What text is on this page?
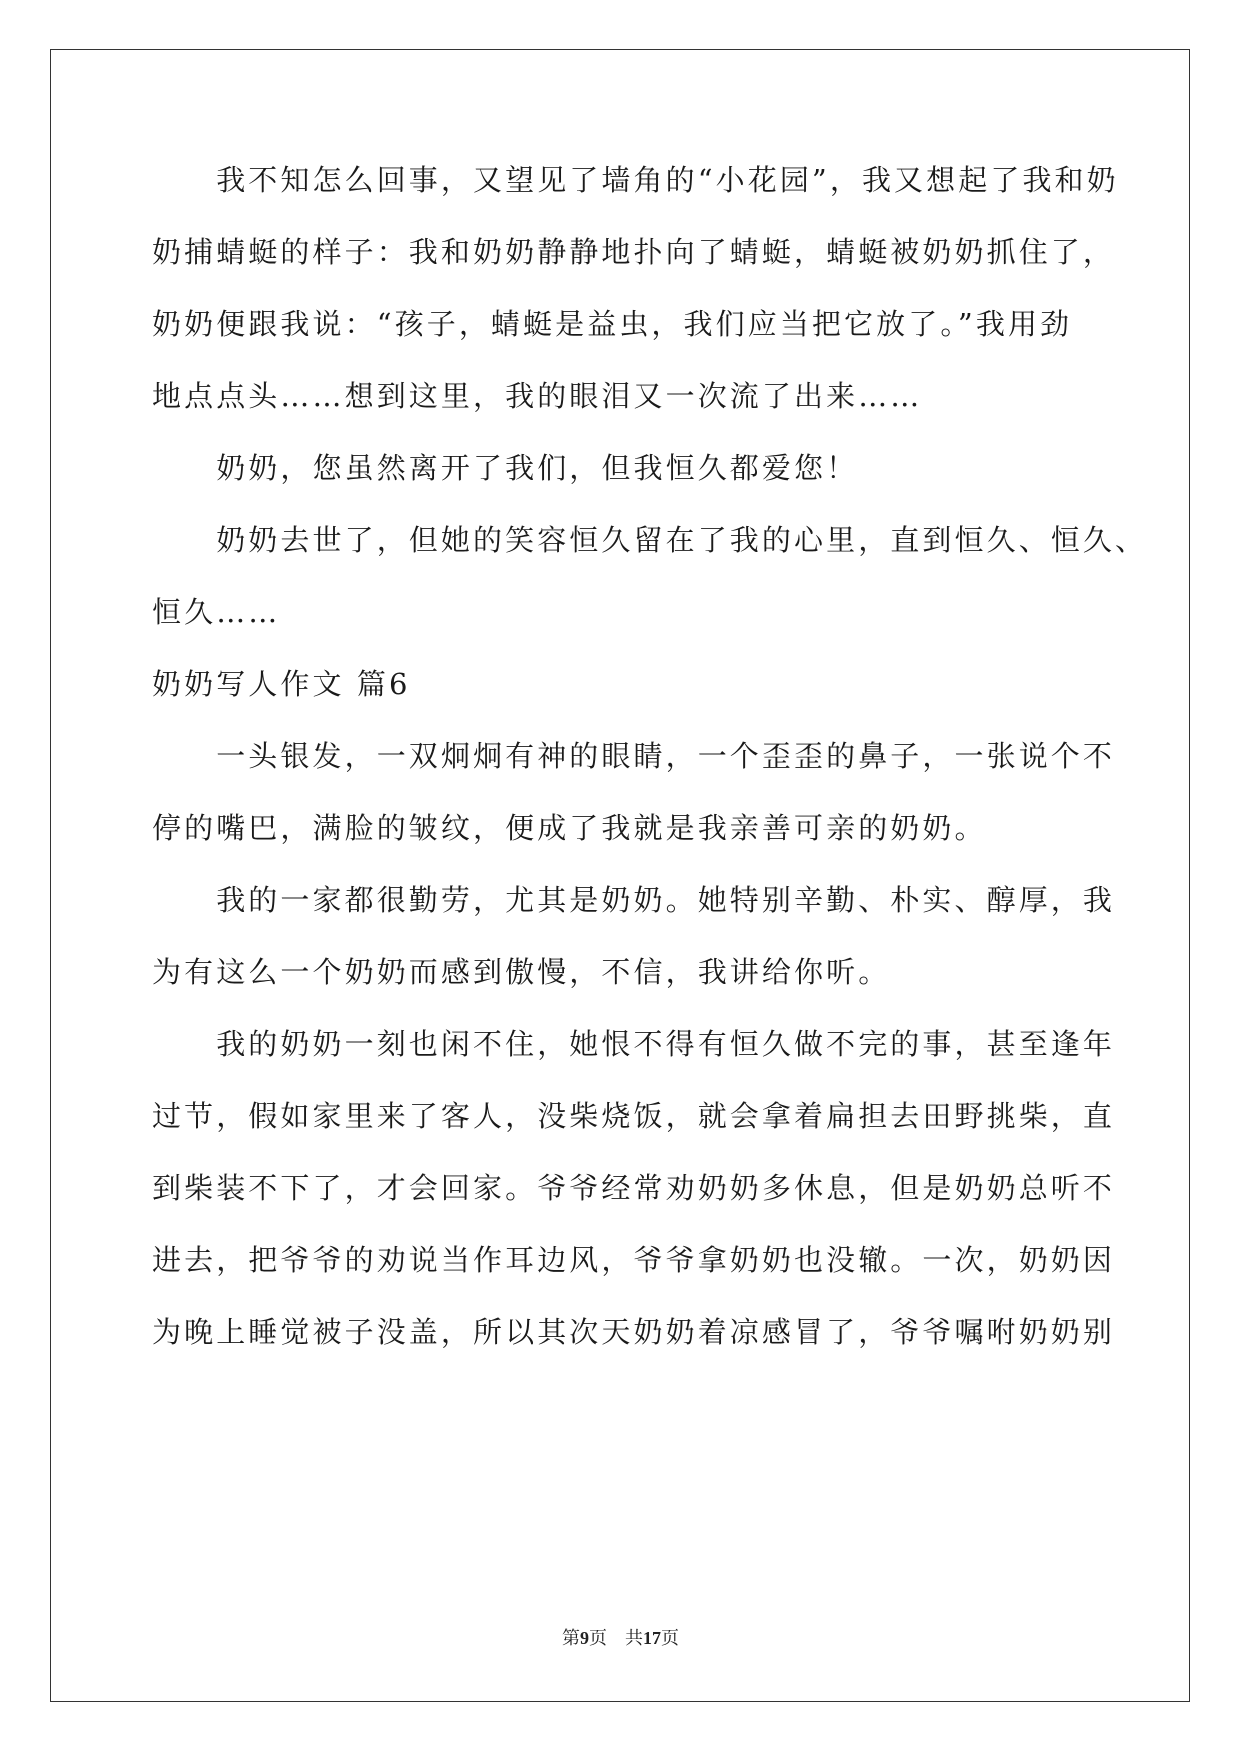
　　我不知怎么回事，又望见了墙角的“小花园”，我又想起了我和奶
奶捕蜻蜓的样子：我和奶奶静静地扑向了蜻蜓，蜻蜓被奶奶抓住了，
奶奶便跟我说：“孩子，蜻蜓是益虫，我们应当把它放了。”我用劲
地点点头……想到这里，我的眼泪又一次流了出来……
　　奶奶，您虽然离开了我们，但我恒久都爱您！
　　奶奶去世了，但她的笑容恒久留在了我的心里，直到恒久、恒久、
恒久……
奶奶写人作文 篇6
　　一头银发，一双炯炯有神的眼睛，一个歪歪的鼻子，一张说个不
停的嘴巴，满脸的皱纹，便成了我就是我亲善可亲的奶奶。
　　我的一家都很勤劳，尤其是奶奶。她特别辛勤、朴实、醇厚，我
为有这么一个奶奶而感到傲慢，不信，我讲给你听。
　　我的奶奶一刻也闲不住，她恨不得有恒久做不完的事，甚至逢年
过节，假如家里来了客人，没柴烧饭，就会拿着扁担去田野挑柴，直
到柴装不下了，才会回家。爷爷经常劝奶奶多休息，但是奶奶总听不
进去，把爷爷的劝说当作耳边风，爷爷拿奶奶也没辙。一次，奶奶因
为晚上睡觉被子没盖，所以其次天奶奶着凉感冒了，爷爷嘱咐奶奶别
第9页　共17页
